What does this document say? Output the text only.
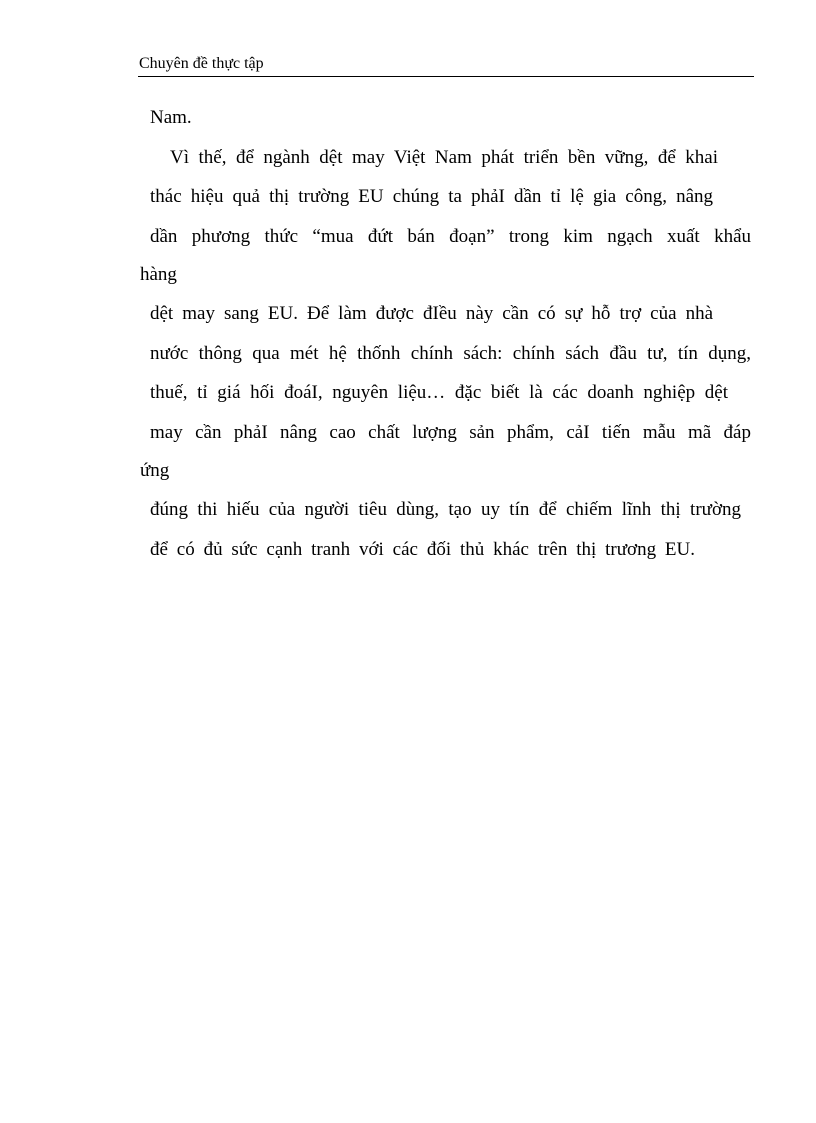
Chuyên đề thực tập
Nam.
Vì thế, để ngành dệt may Việt Nam phát triển bền vững, để khai
thác hiệu quả thị trường EU chúng ta phảI dần tỉ lệ gia công, nâng
dần phương thức “mua đứt bán đoạn” trong kim ngạch xuất khẩu
hàng
dệt may sang EU. Để làm được đIều này cần có sự hỗ trợ của nhà
nước thông qua mét hệ thốnh chính sách: chính sách đầu tư, tín dụng,
thuế, tỉ giá hối đoáI, nguyên liệu… đặc biết là các doanh nghiệp dệt
may cần phảI nâng cao chất lượng sản phẩm, cảI tiến mẫu mã đáp
ứng
đúng thi hiếu của người tiêu dùng, tạo uy tín để chiếm lĩnh thị trường
để có đủ sức cạnh tranh với các đối thủ khác trên thị trương EU.
